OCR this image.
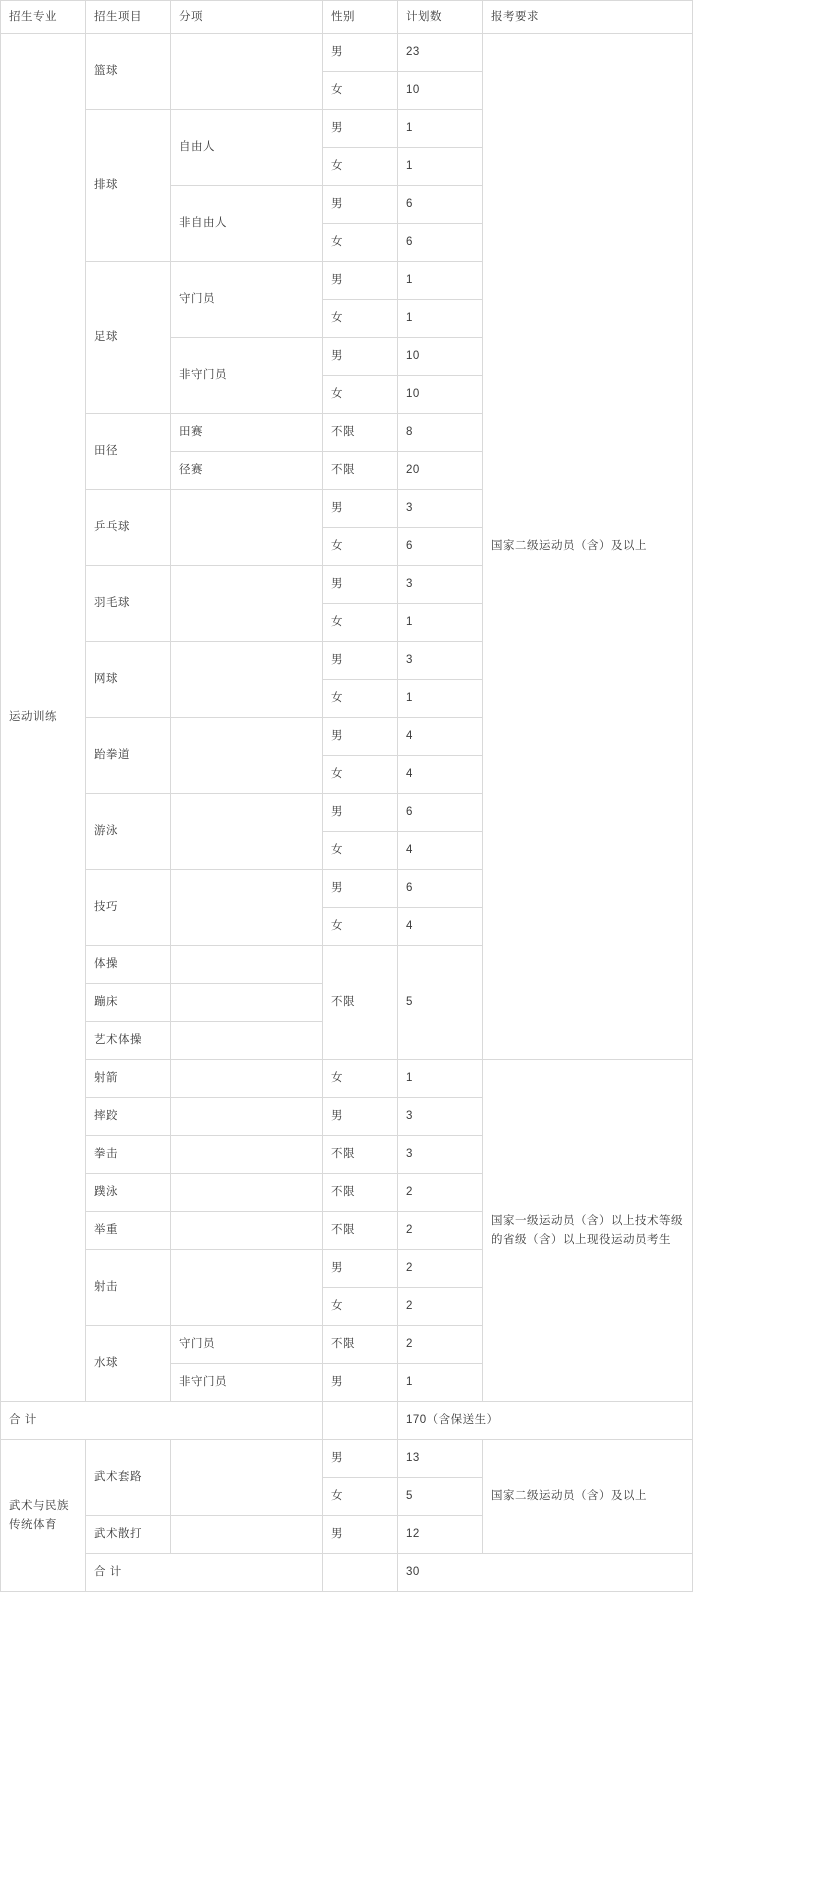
招生专业	招生项目	分项	性别	计划数	报考要求
运动训练	篮球		男	23	国家二级运动员（含）及以上
			女	10	
	排球	自由人	男	1	
			女	1	
		非自由人	男	6	
			女	6	
	足球	守门员	男	1	
			女	1	
		非守门员	男	10	
			女	10	
	田径	田赛	不限	8	
		径赛	不限	20	
	乒乓球		男	3	
			女	6	
	羽毛球		男	3	
			女	1	
	网球		男	3	
			女	1	
	跆拳道		男	4	
			女	4	
	游泳		男	6	
			女	4	
	技巧		男	6	
			女	4	
	体操		不限	5	
	蹦床				
	艺术体操				
	射箭		女	1	国家一级运动员（含）以上技术等级的省级（含）以上现役运动员考生
	摔跤		男	3	
	拳击		不限	3	
	蹼泳		不限	2	
	举重		不限	2	
	射击		男	2	
			女	2	
	水球	守门员	不限	2	
		非守门员	男	1	
合 计				170（含保送生）	
武术与民族传统体育	武术套路		男	13	国家二级运动员（含）及以上
			女	5	
	武术散打		男	12	
	合 计			30	
